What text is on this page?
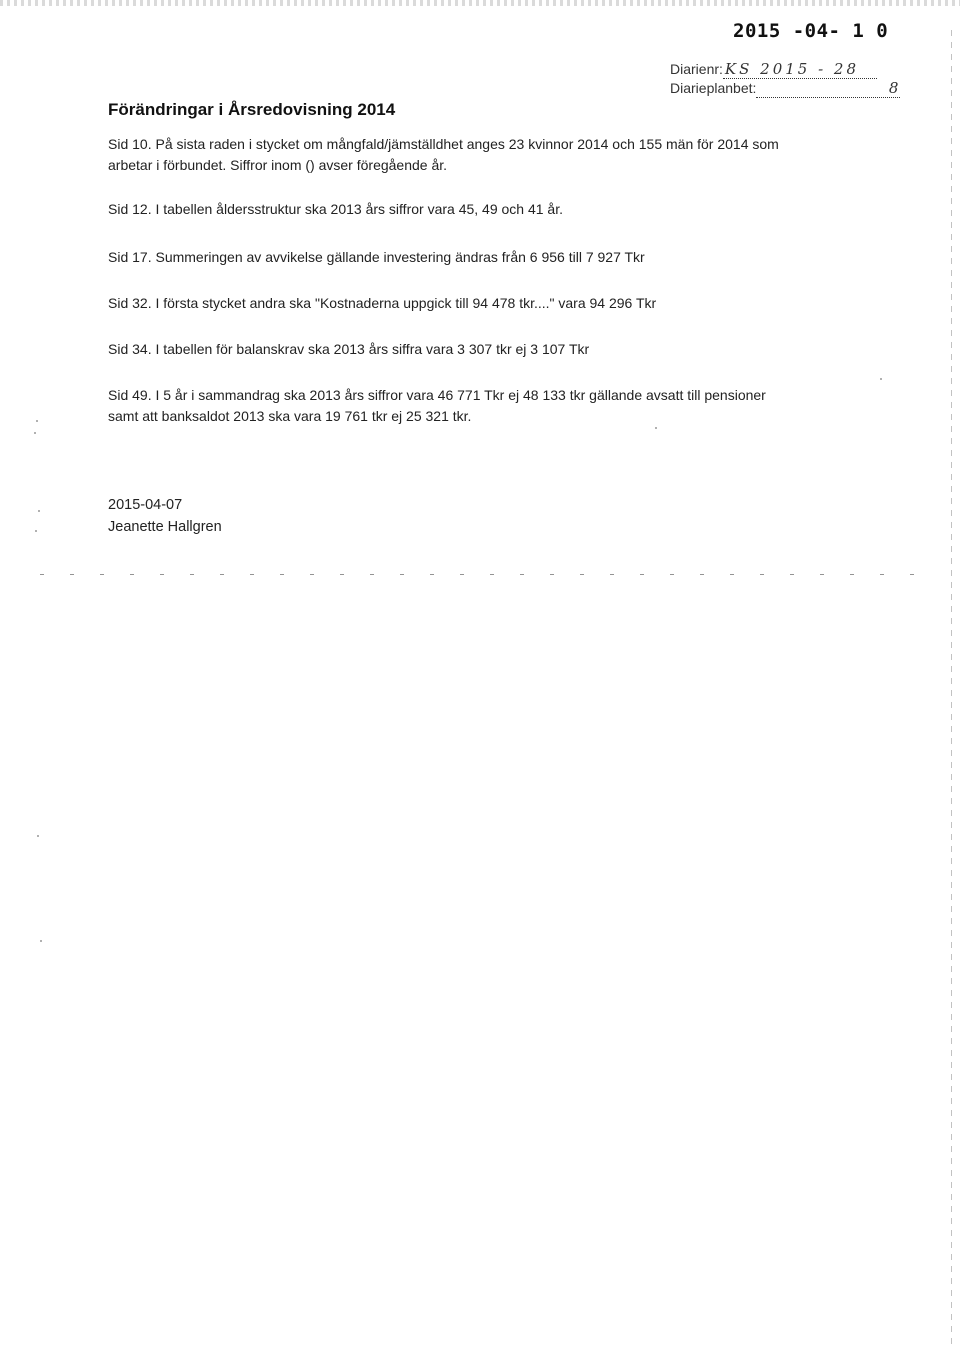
2015 -04- 1 0
Diarienr: KS 2015 - 28
Diarieplanbet:	8
Förändringar i Årsredovisning 2014

Sid 10. På sista raden i stycket om mångfald/jämställdhet anges 23 kvinnor 2014 och 155 män för 2014 som arbetar i förbundet. Siffror inom () avser föregående år.

Sid 12. I tabellen åldersstruktur ska 2013 års siffror vara 45, 49 och 41 år.

Sid 17. Summeringen av avvikelse gällande investering ändras från 6 956 till 7 927 Tkr

Sid 32. I första stycket andra ska "Kostnaderna uppgick till 94 478 tkr...." vara 94 296 Tkr

Sid 34. I tabellen för balanskrav ska 2013 års siffra vara 3 307 tkr ej 3 107 Tkr

Sid 49. I 5 år i sammandrag ska 2013 års siffror vara 46 771 Tkr ej 48 133 tkr gällande avsatt till pensioner samt att banksaldot 2013 ska vara 19 761 tkr ej 25 321 tkr.

2015-04-07
Jeanette Hallgren
